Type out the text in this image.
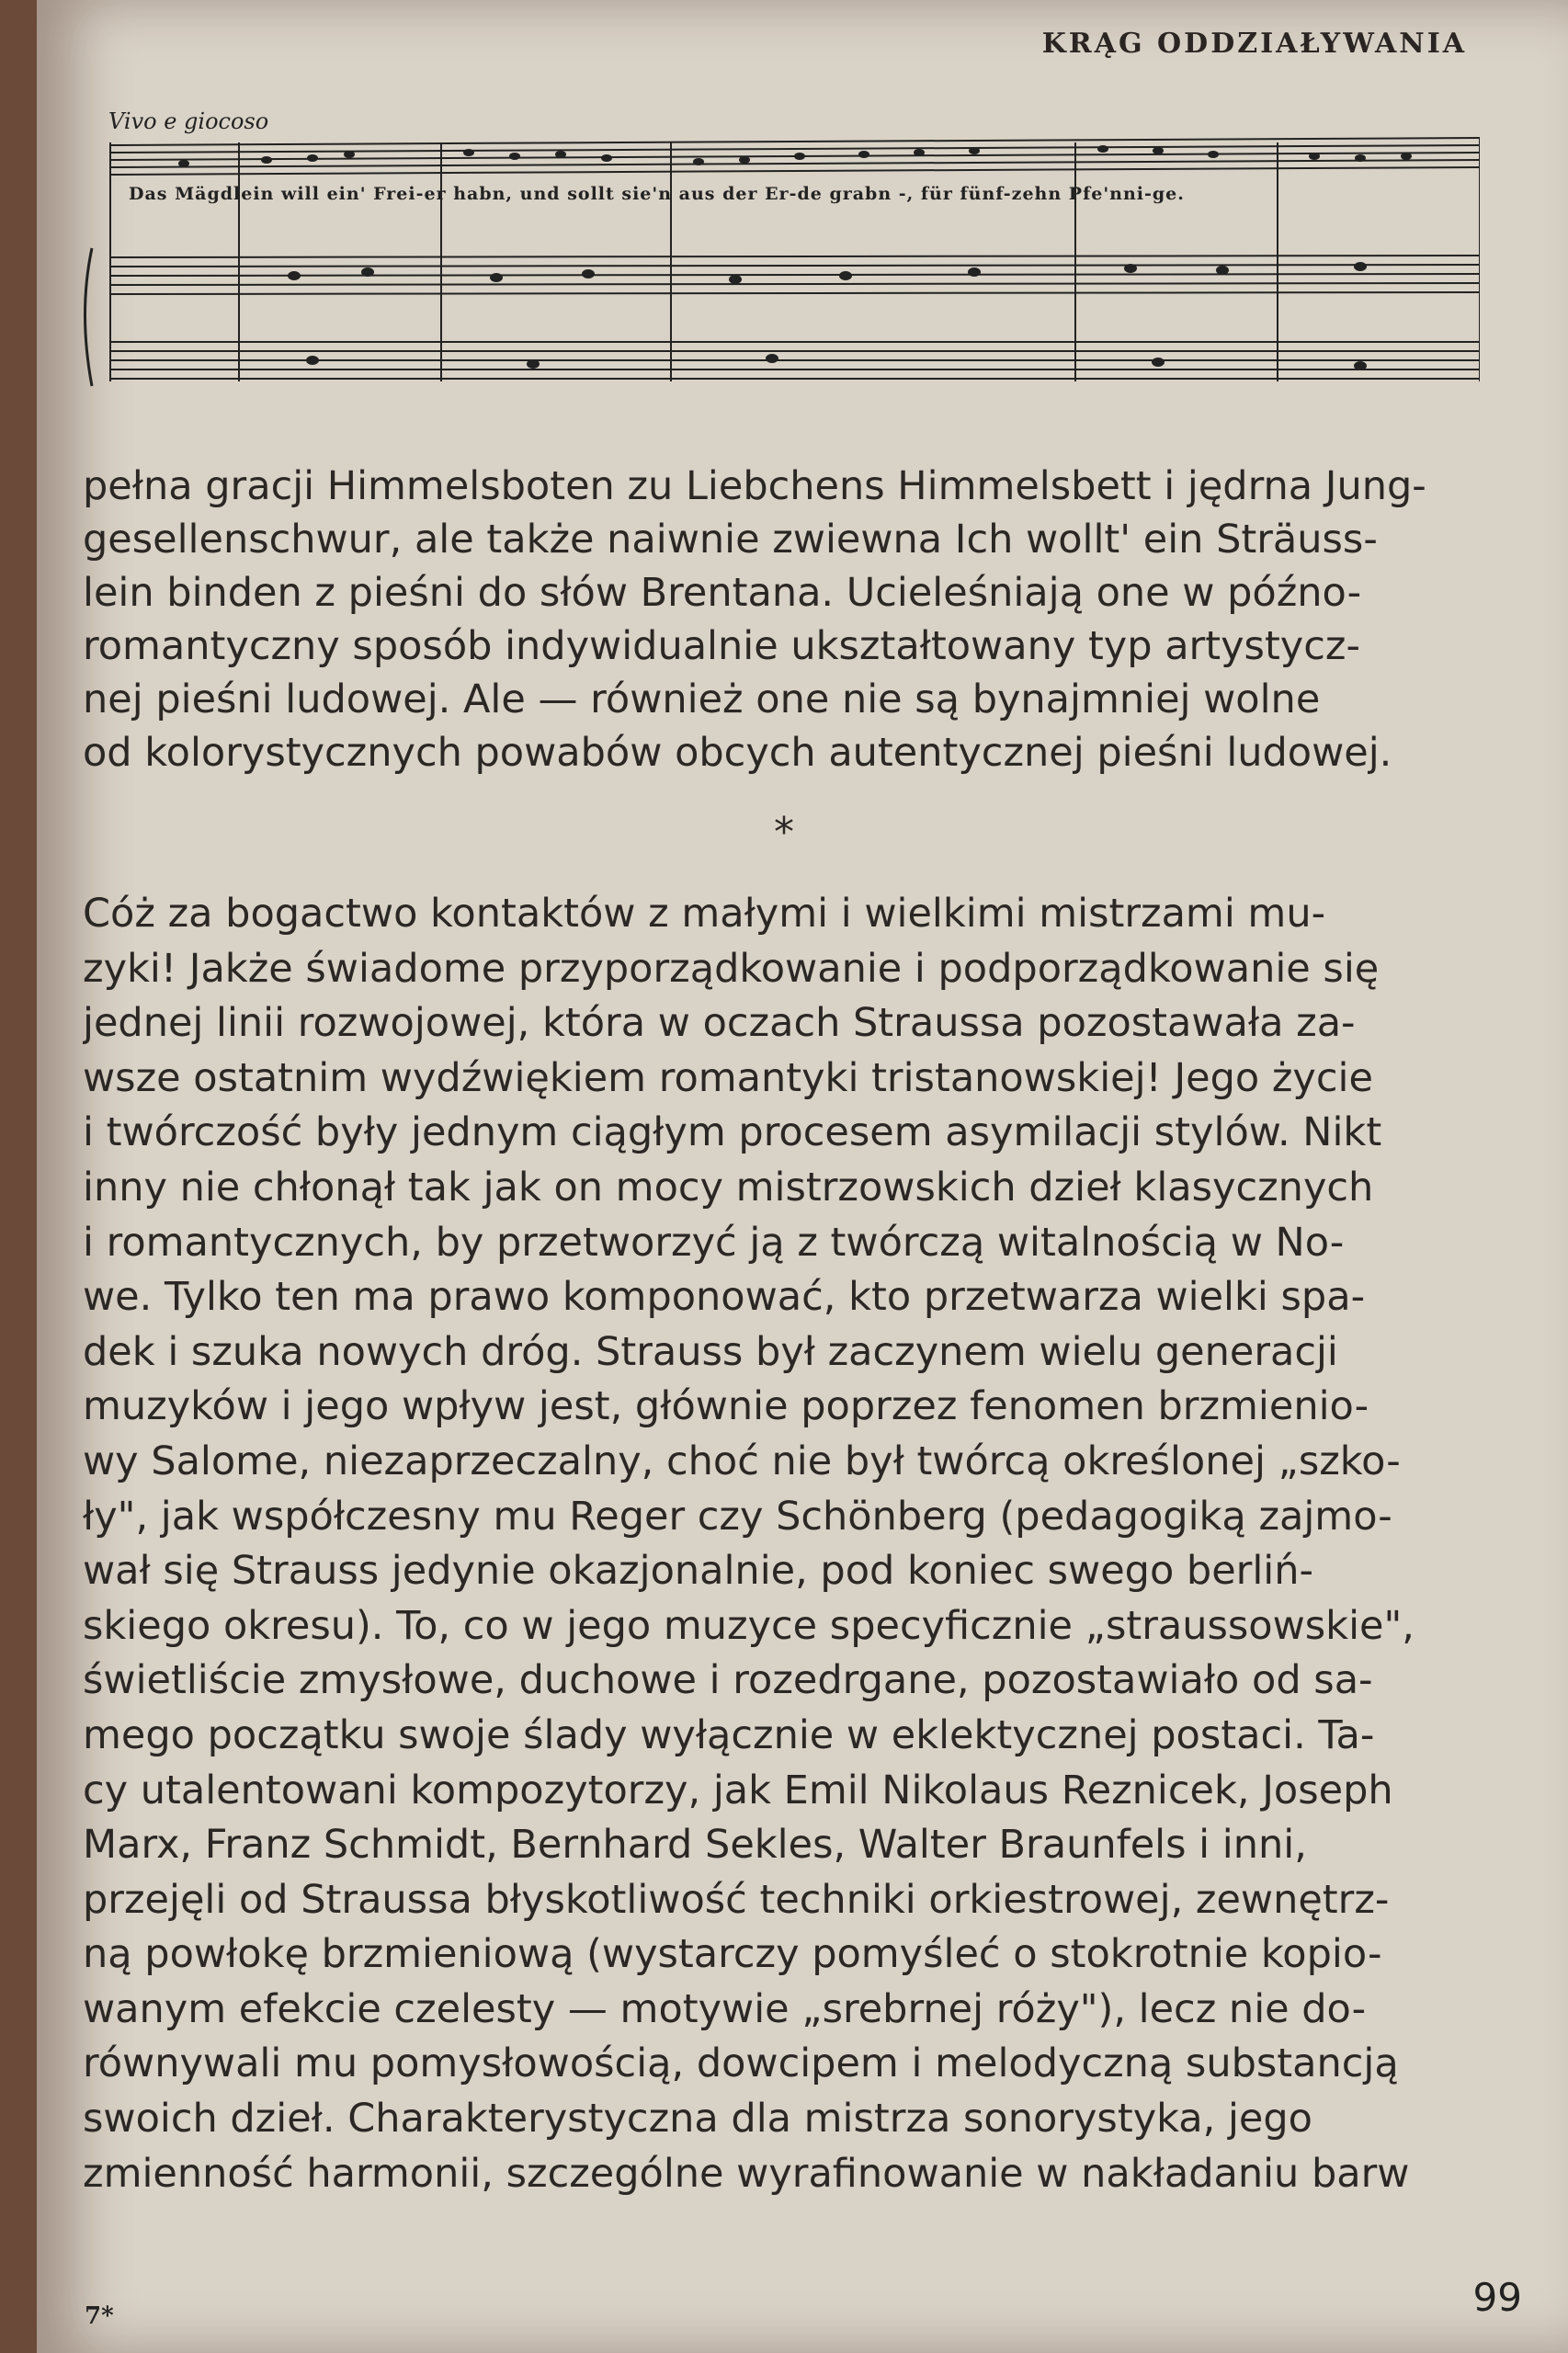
KRĄG ODDZIAŁYWANIA
Vivo e giocoso
Das Mägdlein will ein' Frei-er habn, und sollt sie'n aus der Er-de grabn -, für fünf-zehn Pfe'nni-ge.

pełna gracji Himmelsboten zu Liebchens Himmelsbett i jędrna Jung-
gesellenschwur, ale także naiwnie zwiewna Ich wollt' ein Sträuss-
lein binden z pieśni do słów Brentana. Ucieleśniają one w późno-
romantyczny sposób indywidualnie ukształtowany typ artystycz-
nej pieśni ludowej. Ale — również one nie są bynajmniej wolne
od kolorystycznych powabów obcych autentycznej pieśni ludowej.

*

Cóż za bogactwo kontaktów z małymi i wielkimi mistrzami mu-
zyki! Jakże świadome przyporządkowanie i podporządkowanie się
jednej linii rozwojowej, która w oczach Straussa pozostawała za-
wsze ostatnim wydźwiękiem romantyki tristanowskiej! Jego życie
i twórczość były jednym ciągłym procesem asymilacji stylów. Nikt
inny nie chłonął tak jak on mocy mistrzowskich dzieł klasycznych
i romantycznych, by przetworzyć ją z twórczą witalnością w No-
we. Tylko ten ma prawo komponować, kto przetwarza wielki spa-
dek i szuka nowych dróg. Strauss był zaczynem wielu generacji
muzyków i jego wpływ jest, głównie poprzez fenomen brzmienio-
wy Salome, niezaprzeczalny, choć nie był twórcą określonej „szko-
ły", jak współczesny mu Reger czy Schönberg (pedagogiką zajmo-
wał się Strauss jedynie okazjonalnie, pod koniec swego berliń-
skiego okresu). To, co w jego muzyce specyficznie „straussowskie",
świetliście zmysłowe, duchowe i rozedrgane, pozostawiało od sa-
mego początku swoje ślady wyłącznie w eklektycznej postaci. Ta-
cy utalentowani kompozytorzy, jak Emil Nikolaus Reznicek, Joseph
Marx, Franz Schmidt, Bernhard Sekles, Walter Braunfels i inni,
przejęli od Straussa błyskotliwość techniki orkiestrowej, zewnętrz-
ną powłokę brzmieniową (wystarczy pomyśleć o stokrotnie kopio-
wanym efekcie czelesty — motywie „srebrnej róży"), lecz nie do-
równywali mu pomysłowością, dowcipem i melodyczną substancją
swoich dzieł. Charakterystyczna dla mistrza sonorystyka, jego
zmienność harmonii, szczególne wyrafinowanie w nakładaniu barw

7*	99
